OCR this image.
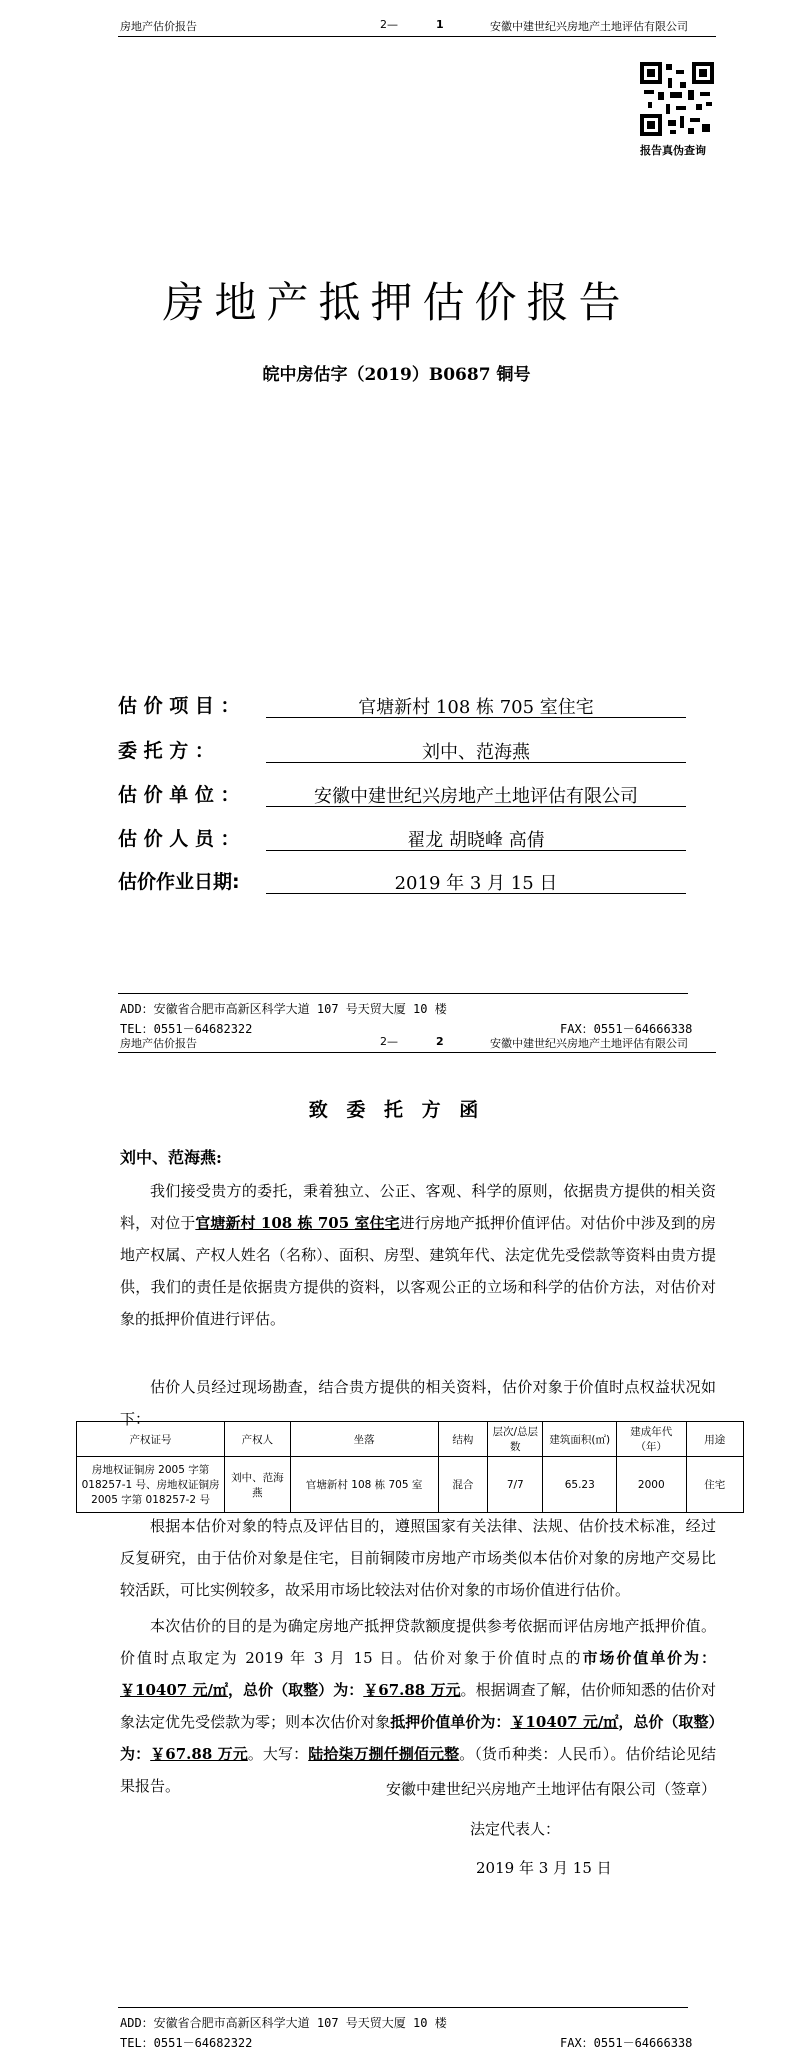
房地产估价报告	2—	1	安徽中建世纪兴房地产土地评估有限公司
报告真伪查询
房地产抵押估价报告
皖中房估字（2019）B0687 铜号
估 价 项 目 ：	官塘新村 108 栋 705 室住宅
委 托 方 ：	刘中、范海燕
估 价 单 位 ：	安徽中建世纪兴房地产土地评估有限公司
估 价 人 员 ：	翟龙 胡晓峰 高倩
估价作业日期:	2019 年 3 月 15 日
ADD：安徽省合肥市高新区科学大道 107 号天贸大厦 10 楼
TEL：0551－64682322	FAX：0551－64666338
房地产估价报告	2—	2	安徽中建世纪兴房地产土地评估有限公司
致 委 托 方 函
刘中、范海燕:
我们接受贵方的委托，秉着独立、公正、客观、科学的原则，依据贵方提供的相关资料，对位于官塘新村 108 栋 705 室住宅进行房地产抵押价值评估。对估价中涉及到的房地产权属、产权人姓名（名称）、面积、房型、建筑年代、法定优先受偿款等资料由贵方提供，我们的责任是依据贵方提供的资料，以客观公正的立场和科学的估价方法，对估价对象的抵押价值进行评估。
估价人员经过现场勘查，结合贵方提供的相关资料，估价对象于价值时点权益状况如下：
产权证号	产权人	坐落	结构	层次/总层数	建筑面积(㎡)	建成年代（年）	用途
房地权证铜房 2005 字第 018257-1 号、房地权证铜房 2005 字第 018257-2 号	刘中、范海燕	官塘新村 108 栋 705 室	混合	7/7	65.23	2000	住宅
根据本估价对象的特点及评估目的，遵照国家有关法律、法规、估价技术标准，经过反复研究，由于估价对象是住宅，目前铜陵市房地产市场类似本估价对象的房地产交易比较活跃，可比实例较多，故采用市场比较法对估价对象的市场价值进行估价。
本次估价的目的是为确定房地产抵押贷款额度提供参考依据而评估房地产抵押价值。价值时点取定为 2019 年 3 月 15 日。估价对象于价值时点的市场价值单价为：￥10407 元/㎡，总价（取整）为：￥67.88 万元。根据调查了解，估价师知悉的估价对象法定优先受偿款为零；则本次估价对象抵押价值单价为：￥10407 元/㎡，总价（取整）为：￥67.88 万元。大写：陆拾柒万捌仟捌佰元整。（货币种类：人民币）。估价结论见结果报告。	安徽中建世纪兴房地产土地评估有限公司（签章）
法定代表人：
2019 年 3 月 15 日
ADD：安徽省合肥市高新区科学大道 107 号天贸大厦 10 楼
TEL：0551－64682322	FAX：0551－64666338
